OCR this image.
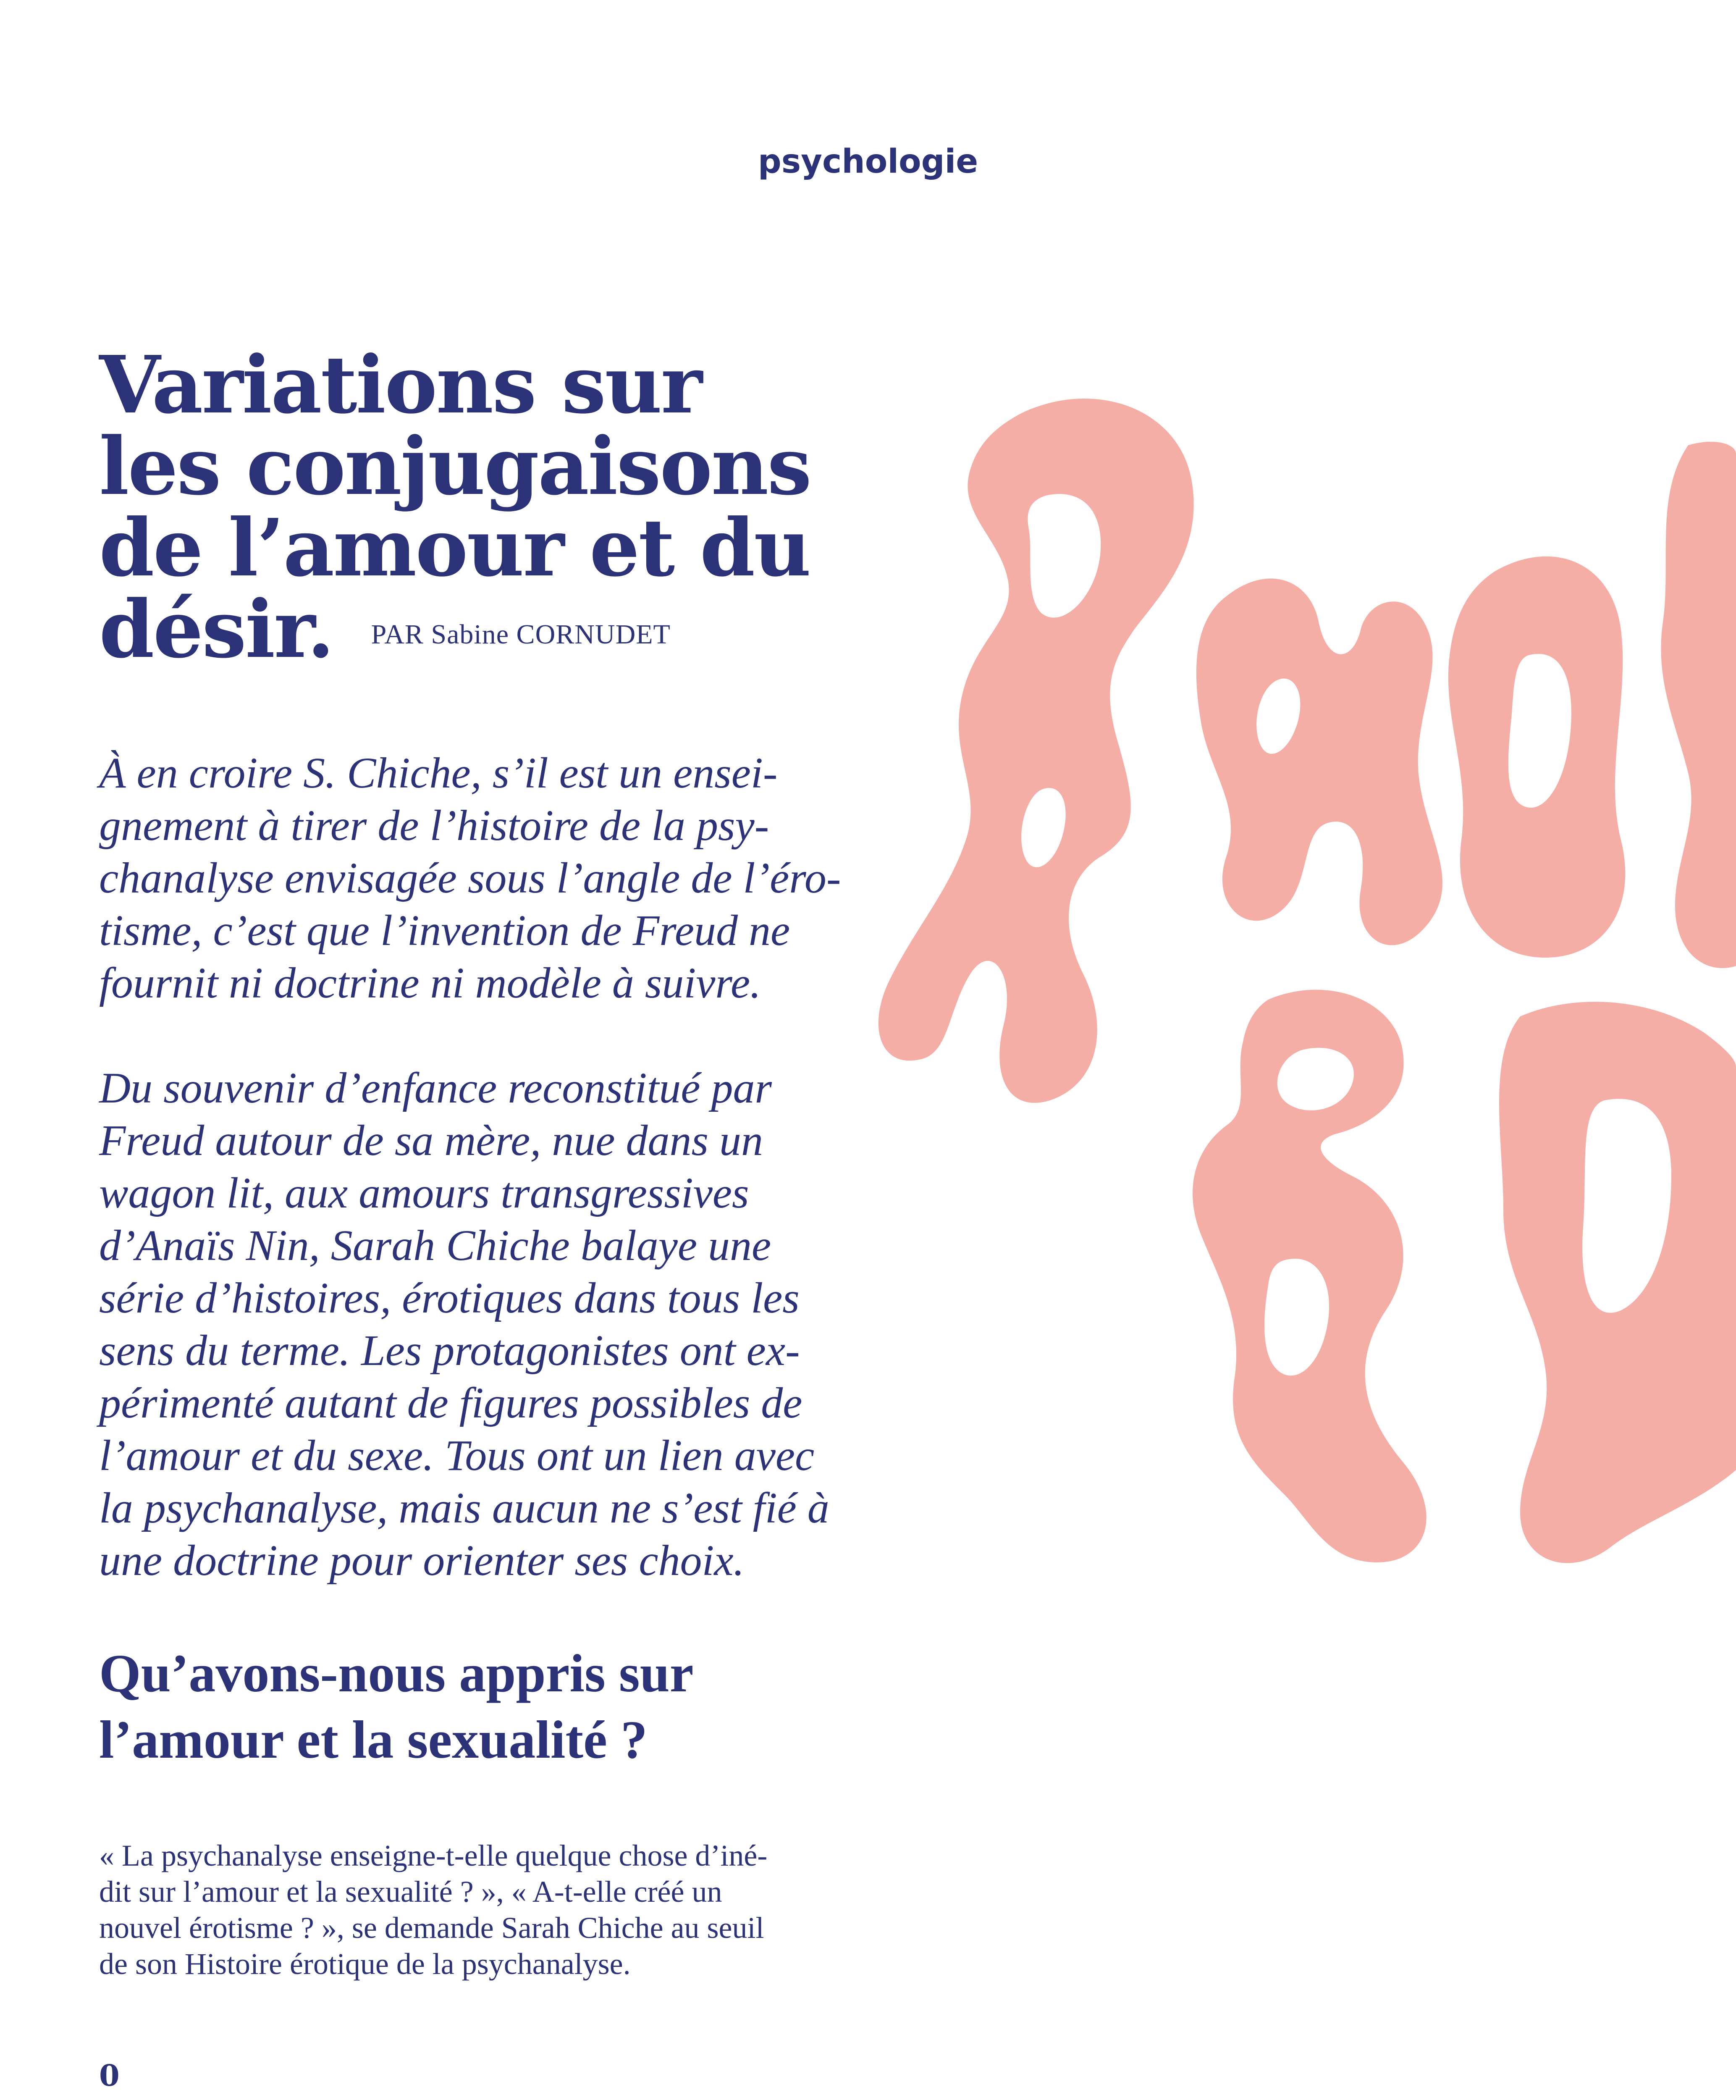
psychologie

Variations sur
les conjugaisons
de l’amour et du
désir. PAR Sabine CORNUDET

À en croire S. Chiche, s’il est un ensei-
gnement à tirer de l’histoire de la psy-
chanalyse envisagée sous l’angle de l’éro-
tisme, c’est que l’invention de Freud ne
fournit ni doctrine ni modèle à suivre.

Du souvenir d’enfance reconstitué par
Freud autour de sa mère, nue dans un
wagon lit, aux amours transgressives
d’Anaïs Nin, Sarah Chiche balaye une
série d’histoires, érotiques dans tous les
sens du terme. Les protagonistes ont ex-
périmenté autant de figures possibles de
l’amour et du sexe. Tous ont un lien avec
la psychanalyse, mais aucun ne s’est fié à
une doctrine pour orienter ses choix.

Qu’avons-nous appris sur
l’amour et la sexualité ?

« La psychanalyse enseigne-t-elle quelque chose d’iné-
dit sur l’amour et la sexualité ? », « A-t-elle créé un
nouvel érotisme ? », se demande Sarah Chiche au seuil
de son Histoire érotique de la psychanalyse.

0
